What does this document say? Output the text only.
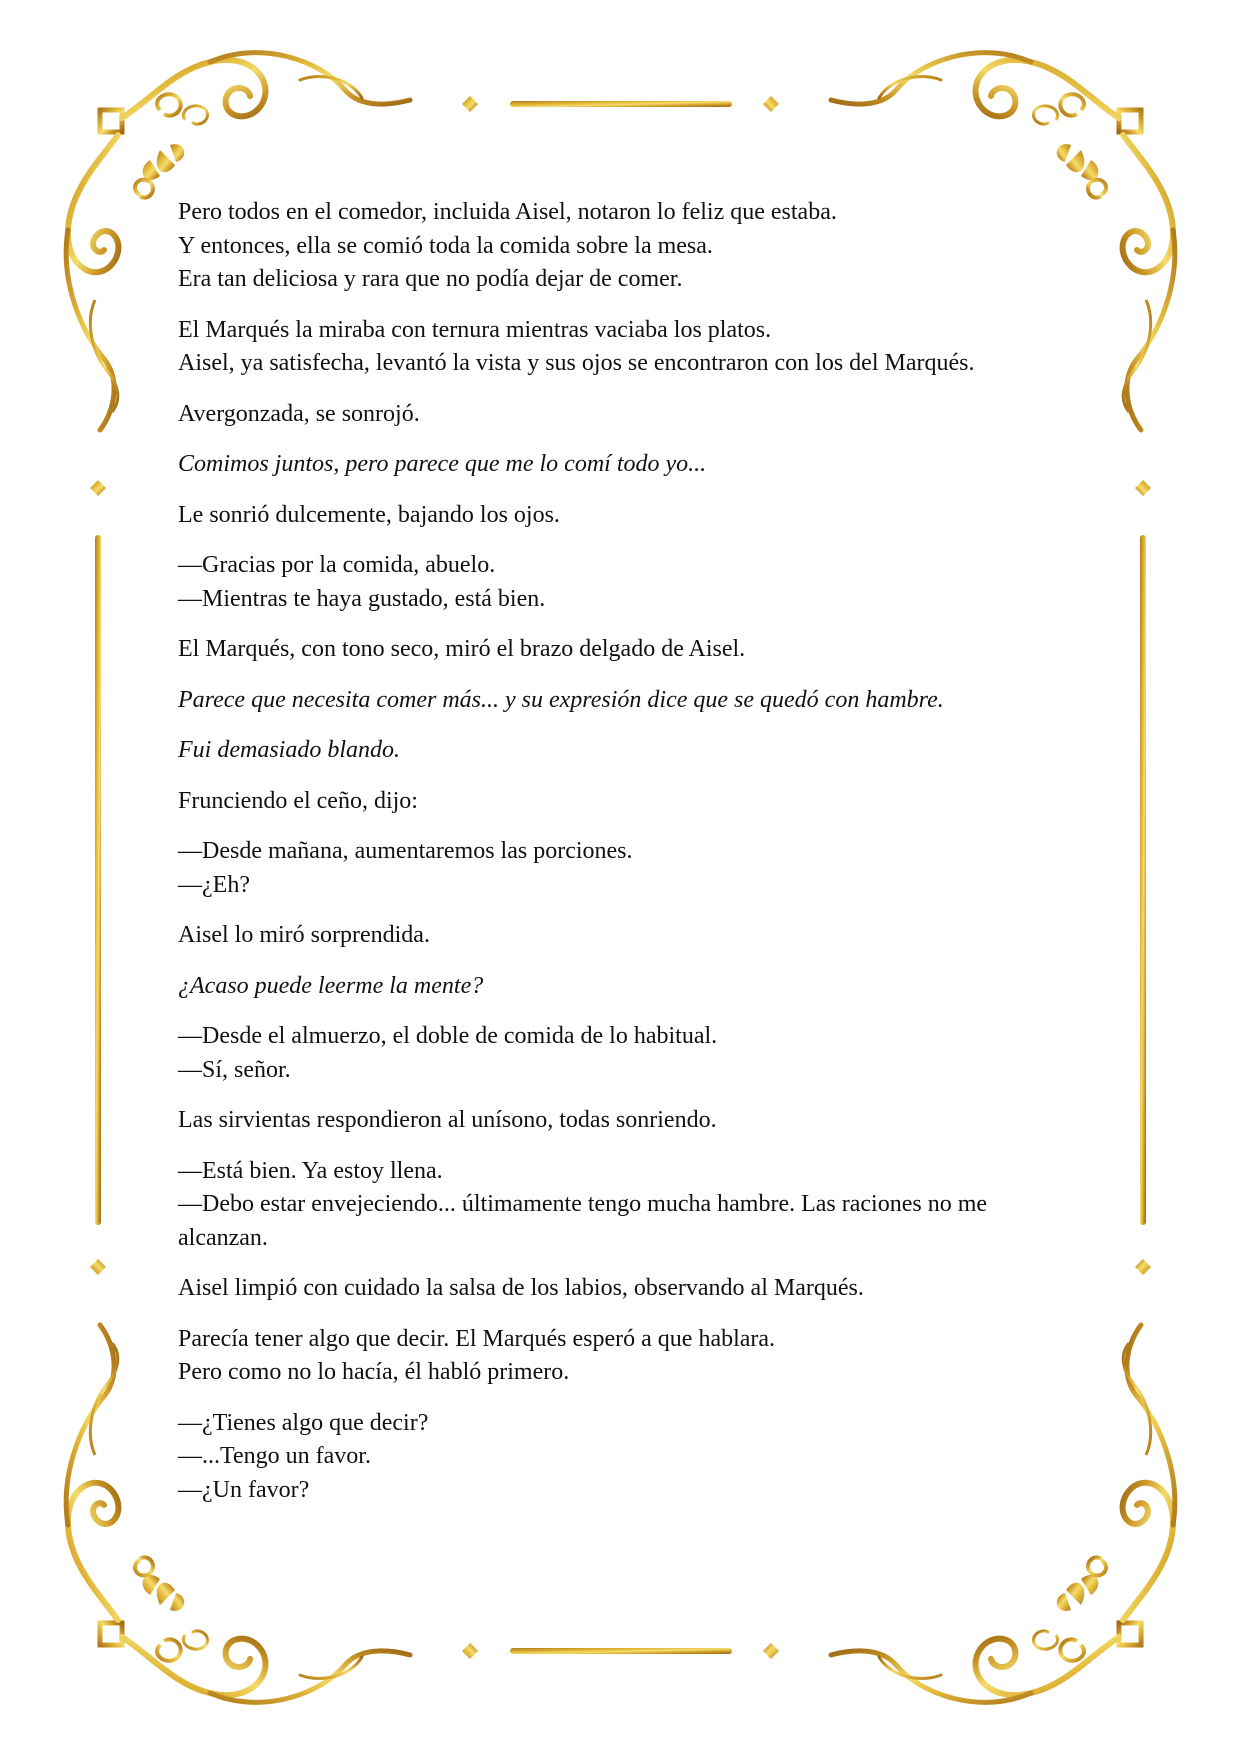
Pero todos en el comedor, incluida Aisel, notaron lo feliz que estaba.
Y entonces, ella se comió toda la comida sobre la mesa.
Era tan deliciosa y rara que no podía dejar de comer.

El Marqués la miraba con ternura mientras vaciaba los platos.
Aisel, ya satisfecha, levantó la vista y sus ojos se encontraron con los del Marqués.

Avergonzada, se sonrojó.

Comimos juntos, pero parece que me lo comí todo yo...

Le sonrió dulcemente, bajando los ojos.

—Gracias por la comida, abuelo.
—Mientras te haya gustado, está bien.

El Marqués, con tono seco, miró el brazo delgado de Aisel.

Parece que necesita comer más... y su expresión dice que se quedó con hambre.

Fui demasiado blando.

Frunciendo el ceño, dijo:

—Desde mañana, aumentaremos las porciones.
—¿Eh?

Aisel lo miró sorprendida.

¿Acaso puede leerme la mente?

—Desde el almuerzo, el doble de comida de lo habitual.
—Sí, señor.

Las sirvientas respondieron al unísono, todas sonriendo.

—Está bien. Ya estoy llena.
—Debo estar envejeciendo... últimamente tengo mucha hambre. Las raciones no me alcanzan.

Aisel limpió con cuidado la salsa de los labios, observando al Marqués.

Parecía tener algo que decir. El Marqués esperó a que hablara.
Pero como no lo hacía, él habló primero.

—¿Tienes algo que decir?
—...Tengo un favor.
—¿Un favor?
